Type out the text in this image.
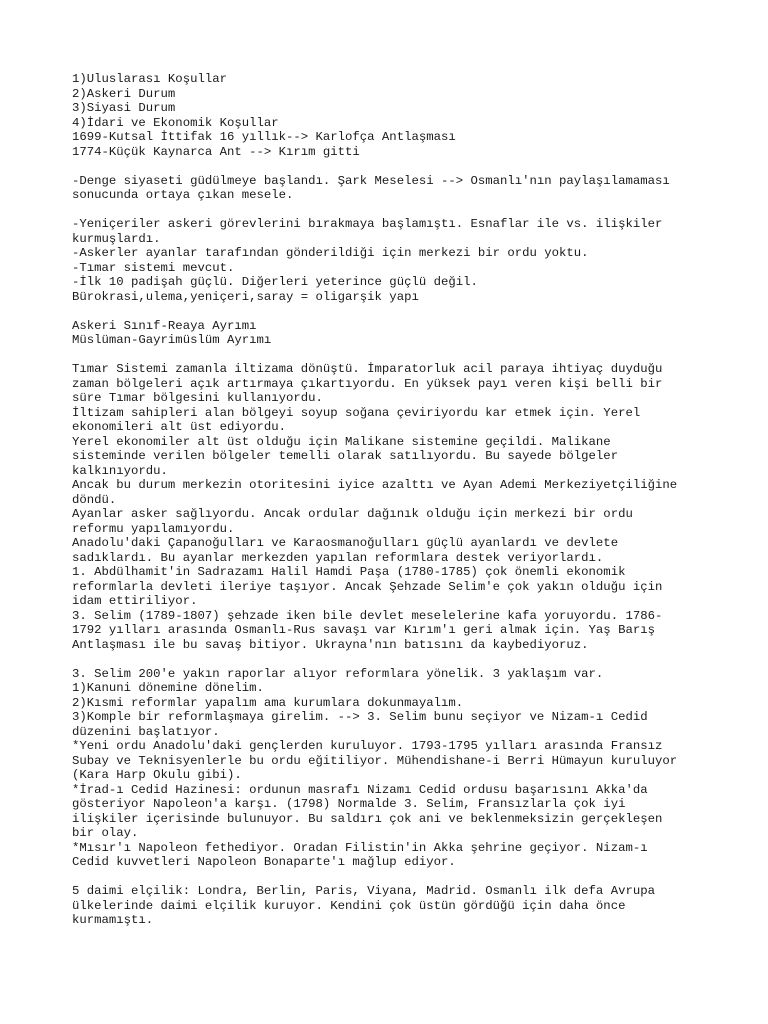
1)Uluslarası Koşullar
2)Askeri Durum
3)Siyasi Durum
4)İdari ve Ekonomik Koşullar
1699-Kutsal İttifak 16 yıllık--> Karlofça Antlaşması
1774-Küçük Kaynarca Ant --> Kırım gitti
-Denge siyaseti güdülmeye başlandı. Şark Meselesi --> Osmanlı'nın paylaşılamaması
sonucunda ortaya çıkan mesele.
-Yeniçeriler askeri görevlerini bırakmaya başlamıştı. Esnaflar ile vs. ilişkiler
kurmuşlardı.
-Askerler ayanlar tarafından gönderildiği için merkezi bir ordu yoktu.
-Tımar sistemi mevcut.
-İlk 10 padişah güçlü. Diğerleri yeterince güçlü değil.
Bürokrasi,ulema,yeniçeri,saray = oligarşik yapı
Askeri Sınıf-Reaya Ayrımı
Müslüman-Gayrimüslüm Ayrımı
Tımar Sistemi zamanla iltizama dönüştü. İmparatorluk acil paraya ihtiyaç duyduğu
zaman bölgeleri açık artırmaya çıkartıyordu. En yüksek payı veren kişi belli bir
süre Tımar bölgesini kullanıyordu.
İltizam sahipleri alan bölgeyi soyup soğana çeviriyordu kar etmek için. Yerel
ekonomileri alt üst ediyordu.
Yerel ekonomiler alt üst olduğu için Malikane sistemine geçildi. Malikane
sisteminde verilen bölgeler temelli olarak satılıyordu. Bu sayede bölgeler
kalkınıyordu.
Ancak bu durum merkezin otoritesini iyice azalttı ve Ayan Ademi Merkeziyetçiliğine
döndü.
Ayanlar asker sağlıyordu. Ancak ordular dağınık olduğu için merkezi bir ordu
reformu yapılamıyordu.
Anadolu'daki Çapanoğulları ve Karaosmanoğulları güçlü ayanlardı ve devlete
sadıklardı. Bu ayanlar merkezden yapılan reformlara destek veriyorlardı.
1. Abdülhamit'in Sadrazamı Halil Hamdi Paşa (1780-1785) çok önemli ekonomik
reformlarla devleti ileriye taşıyor. Ancak Şehzade Selim'e çok yakın olduğu için
idam ettiriliyor.
3. Selim (1789-1807) şehzade iken bile devlet meselelerine kafa yoruyordu. 1786-
1792 yılları arasında Osmanlı-Rus savaşı var Kırım'ı geri almak için. Yaş Barış
Antlaşması ile bu savaş bitiyor. Ukrayna'nın batısını da kaybediyoruz.
3. Selim 200'e yakın raporlar alıyor reformlara yönelik. 3 yaklaşım var.
1)Kanuni dönemine dönelim.
2)Kısmi reformlar yapalım ama kurumlara dokunmayalım.
3)Komple bir reformlaşmaya girelim. --> 3. Selim bunu seçiyor ve Nizam-ı Cedid
düzenini başlatıyor.
*Yeni ordu Anadolu'daki gençlerden kuruluyor. 1793-1795 yılları arasında Fransız
Subay ve Teknisyenlerle bu ordu eğitiliyor. Mühendishane-i Berri Hümayun kuruluyor
(Kara Harp Okulu gibi).
*İrad-ı Cedid Hazinesi: ordunun masrafı Nizamı Cedid ordusu başarısını Akka'da
gösteriyor Napoleon'a karşı. (1798) Normalde 3. Selim, Fransızlarla çok iyi
ilişkiler içerisinde bulunuyor. Bu saldırı çok ani ve beklenmeksizin gerçekleşen
bir olay.
*Mısır'ı Napoleon fethediyor. Oradan Filistin'in Akka şehrine geçiyor. Nizam-ı
Cedid kuvvetleri Napoleon Bonaparte'ı mağlup ediyor.
5 daimi elçilik: Londra, Berlin, Paris, Viyana, Madrid. Osmanlı ilk defa Avrupa
ülkelerinde daimi elçilik kuruyor. Kendini çok üstün gördüğü için daha önce
kurmamıştı.
